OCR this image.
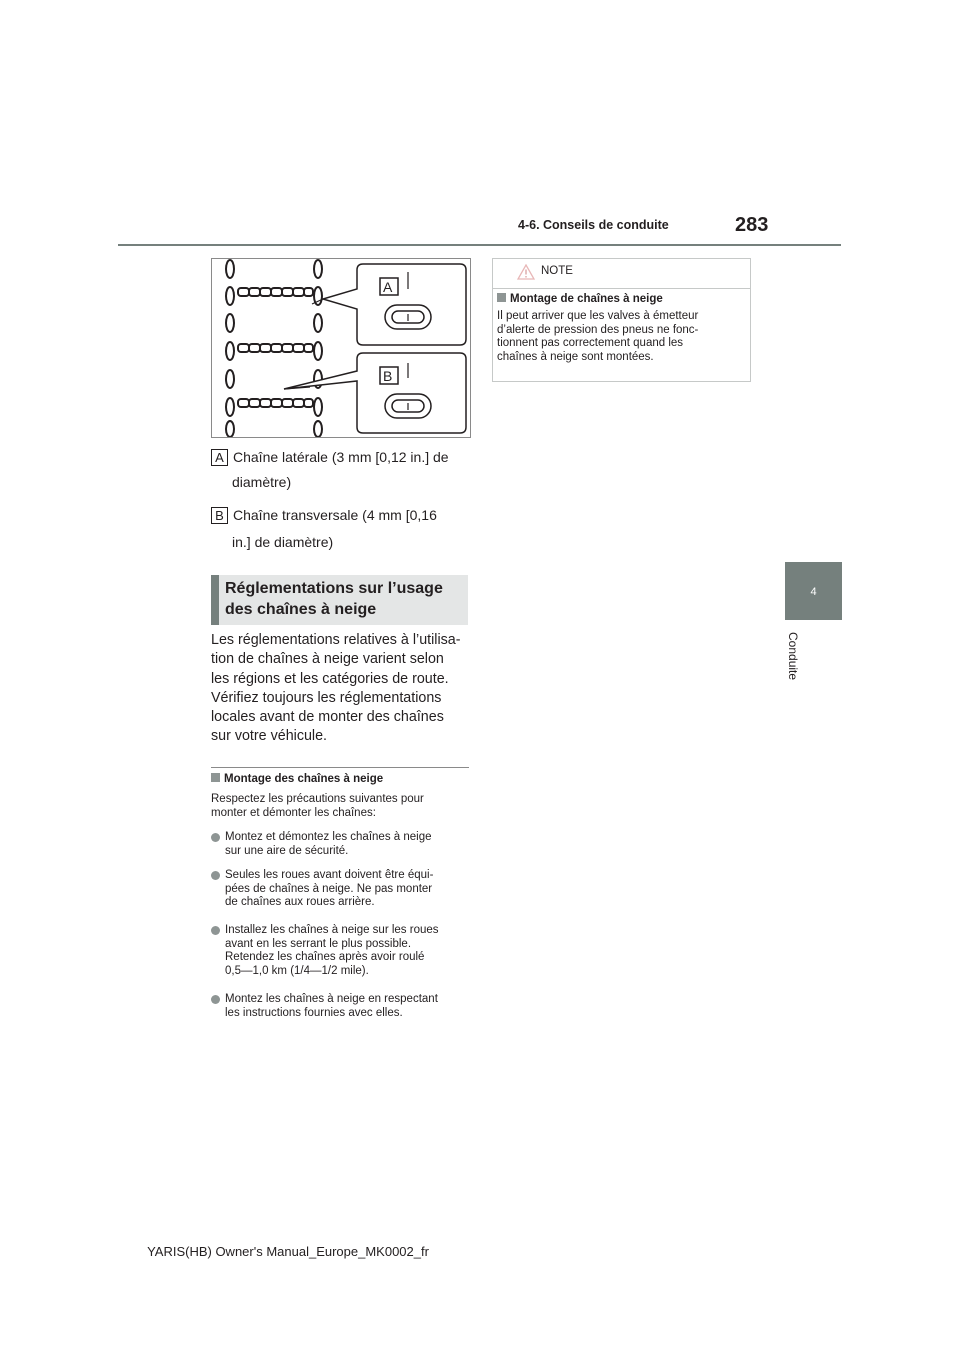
4-6. Conseils de conduite	283
4
Conduite
A
B
A Chaîne latérale (3 mm [0,12 in.] de
diamètre)
B Chaîne transversale (4 mm [0,16
in.] de diamètre)
Réglementations sur l’usage
des chaînes à neige
Les réglementations relatives à l’utilisa-
tion de chaînes à neige varient selon
les régions et les catégories de route.
Vérifiez toujours les réglementations
locales avant de monter des chaînes
sur votre véhicule.
Montage des chaînes à neige
Respectez les précautions suivantes pour
monter et démonter les chaînes:
Montez et démontez les chaînes à neige
sur une aire de sécurité.
Seules les roues avant doivent être équi-
pées de chaînes à neige. Ne pas monter
de chaînes aux roues arrière.
Installez les chaînes à neige sur les roues
avant en les serrant le plus possible.
Retendez les chaînes après avoir roulé
0,5—1,0 km (1/4—1/2 mile).
Montez les chaînes à neige en respectant
les instructions fournies avec elles.
NOTE
Montage de chaînes à neige
Il peut arriver que les valves à émetteur
d’alerte de pression des pneus ne fonc-
tionnent pas correctement quand les
chaînes à neige sont montées.
YARIS(HB) Owner's Manual_Europe_MK0002_fr
